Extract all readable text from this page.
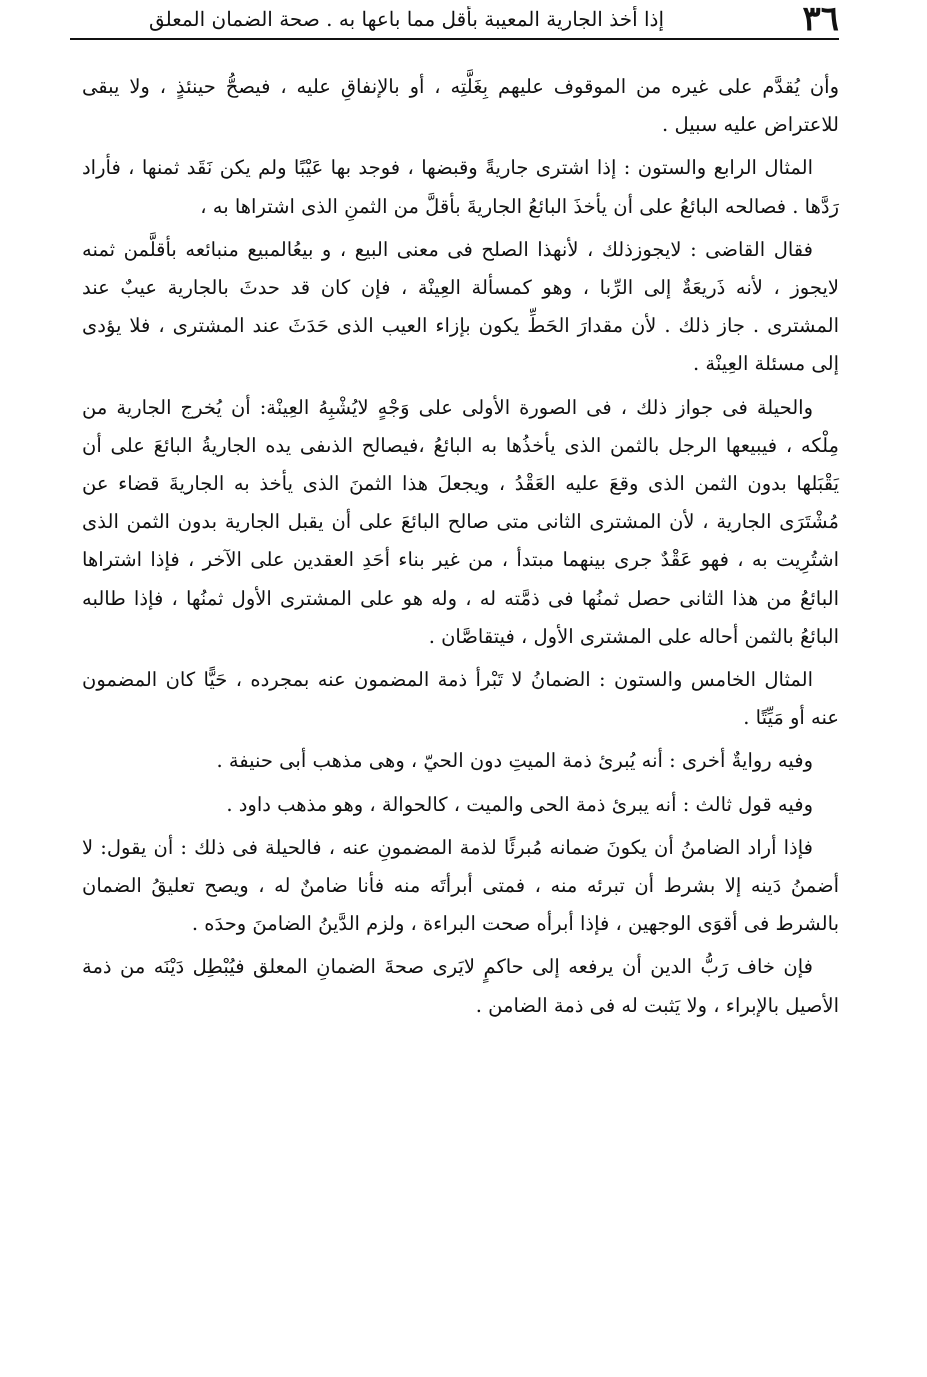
٣٦
إذا أخذ الجارية المعيبة بأقل مما باعها به . صحة الضمان المعلق

وأن يُقدَّم على غيره من الموقوف عليهم بِغَلَّتِه ، أو بالإنفاقِ عليه ، فيصحُّ حينئذٍ ، ولا يبقى للاعتراض عليه سبيل .

المثال الرابع والستون : إذا اشترى جاريةً وقبضها ، فوجد بها عَيْبًا ولم يكن نَقَد ثمنها ، فأراد رَدَّها . فصالحه البائعُ على أن يأخذَ البائعُ الجاريةَ بأقلَّ من الثمنِ الذى اشتراها به ،

فقال القاضى : لايجوزذلك ، لأنهذا الصلح فى معنى البيع ، و بيعُالمبيع منبائعه بأقلَّمن ثمنه لايجوز ، لأنه ذَريعَةٌ إلى الرِّبا ، وهو كمسألة العِينْة ، فإن كان قد حدثَ بالجارية عيبٌ عند المشترى . جاز ذلك . لأن مقدارَ الحَطِّ يكون بإزاء العيب الذى حَدَثَ عند المشترى ، فلا يؤدى إلى مسئلة العِينْة .

والحيلة فى جواز ذلك ، فى الصورة الأولى على وَجْهٍ لايُشْبِهُ العِينْة: أن يُخرج الجارية من مِلْكه ، فيبيعها الرجل بالثمن الذى يأخذُها به البائعُ ،فيصالح الذىفى يده الجاريةُ البائعَ على أن يَقْبَلها بدون الثمن الذى وقعَ عليه العَقْدُ ، ويجعلَ هذا الثمنَ الذى يأخذ به الجاريةَ قضاء عن مُشْتَرَى الجارية ، لأن المشترى الثانى متى صالح البائعَ على أن يقبل الجارية بدون الثمن الذى اشتُرِيت به ، فهو عَقْدٌ جرى بينهما مبتدأ ، من غير بناء أحَدِ العقدين على الآخر ، فإذا اشتراها البائعُ من هذا الثانى حصل ثمنُها فى ذمَّته له ، وله هو على المشترى الأول ثمنُها ، فإذا طالبه البائعُ بالثمن أحاله على المشترى الأول ، فيتقاصَّان .

المثال الخامس والستون : الضمانُ لا تَبْرأ ذمة المضمون عنه بمجرده ، حَيًّا كان المضمون عنه أو مَيِّتًا .

وفيه روايةٌ أخرى : أنه يُبرئ ذمة الميتِ دون الحيّ ، وهى مذهب أبى حنيفة .

وفيه قول ثالث : أنه يبرئ ذمة الحى والميت ، كالحوالة ، وهو مذهب داود .

فإذا أراد الضامنُ أن يكونَ ضمانه مُبرئًا لذمة المضمونِ عنه ، فالحيلة فى ذلك : أن يقول: لا أضمنُ دَينه إلا بشرط أن تبرئه منه ، فمتى أبرأتَه منه فأنا ضامنٌ له ، ويصح تعليقُ الضمان بالشرط فى أقوَى الوجهين ، فإذا أبرأه صحت البراءة ، ولزم الدَّينُ الضامنَ وحدَه .

فإن خاف رَبُّ الدين أن يرفعه إلى حاكمٍ لايَرى صحةَ الضمانِ المعلق فيُبْطِل دَيْنَه من ذمة الأصيل بالإبراء ، ولا يَثبت له فى ذمة الضامن .
